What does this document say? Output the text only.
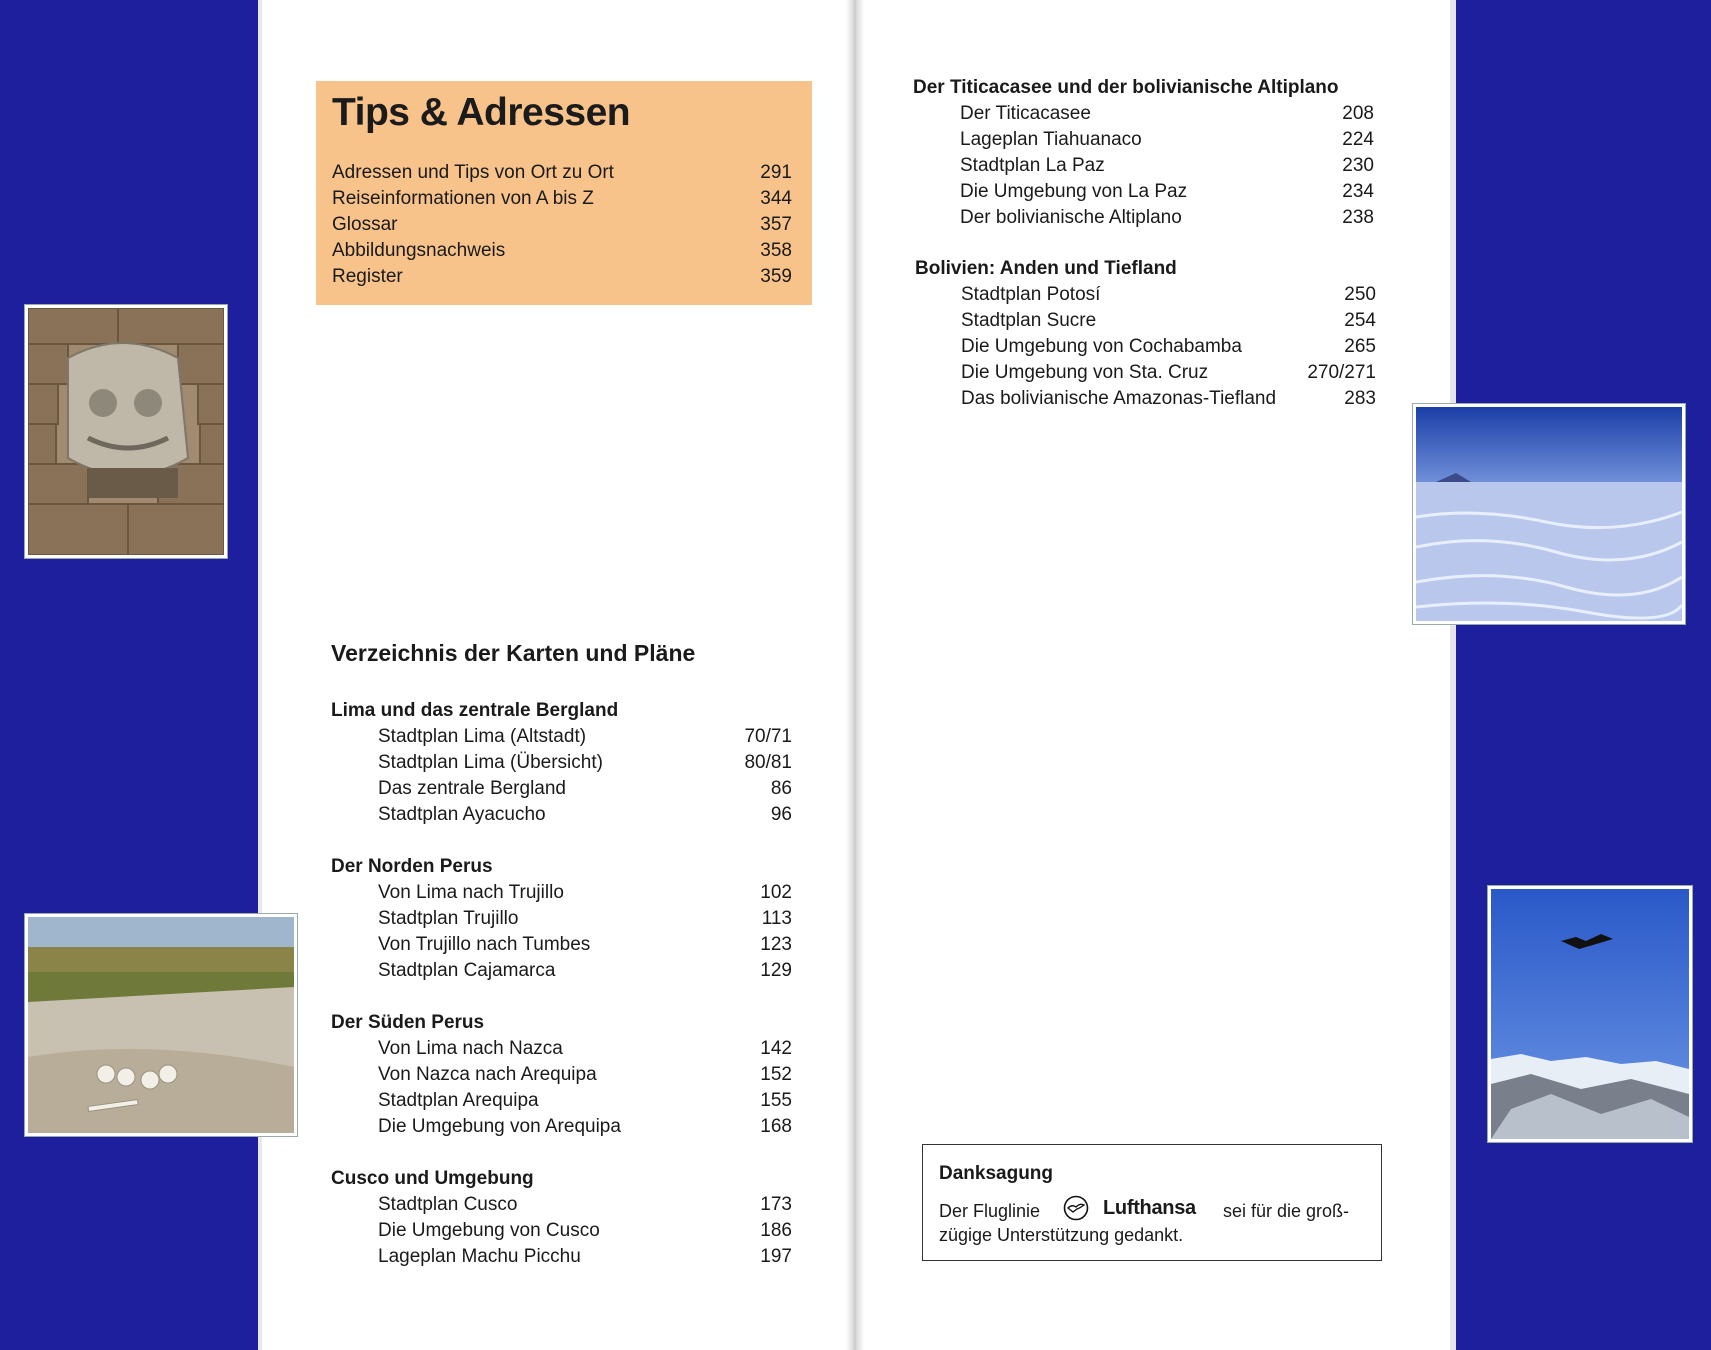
Tips & Adressen
Adressen und Tips von Ort zu Ort	291
Reiseinformationen von A bis Z	344
Glossar	357
Abbildungsnachweis	358
Register	359
Verzeichnis der Karten und Pläne
Lima und das zentrale Bergland
Stadtplan Lima (Altstadt)	70/71
Stadtplan Lima (Übersicht)	80/81
Das zentrale Bergland	86
Stadtplan Ayacucho	96
Der Norden Perus
Von Lima nach Trujillo	102
Stadtplan Trujillo	113
Von Trujillo nach Tumbes	123
Stadtplan Cajamarca	129
Der Süden Perus
Von Lima nach Nazca	142
Von Nazca nach Arequipa	152
Stadtplan Arequipa	155
Die Umgebung von Arequipa	168
Cusco und Umgebung
Stadtplan Cusco	173
Die Umgebung von Cusco	186
Lageplan Machu Picchu	197
Der Titicacasee und der bolivianische Altiplano
Der Titicacasee	208
Lageplan Tiahuanaco	224
Stadtplan La Paz	230
Die Umgebung von La Paz	234
Der bolivianische Altiplano	238
Bolivien: Anden und Tiefland
Stadtplan Potosí	250
Stadtplan Sucre	254
Die Umgebung von Cochabamba	265
Die Umgebung von Sta. Cruz	270/271
Das bolivianische Amazonas-Tiefland	283
Danksagung
Der Fluglinie	Lufthansa sei für die groß-
zügige Unterstützung gedankt.
